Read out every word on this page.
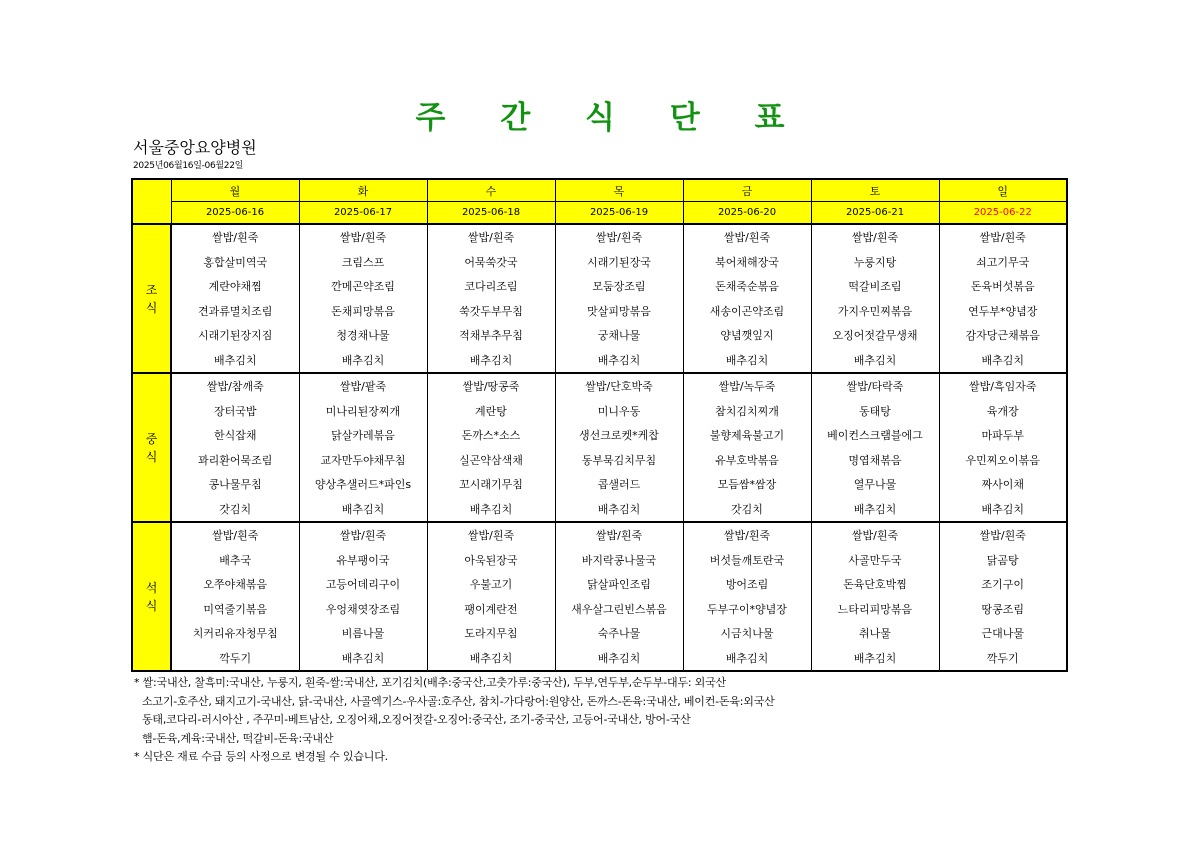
주 간 식 단 표
서울중앙요양병원
2025년06월16일-06월22일
	월	화	수	목	금	토	일
	2025-06-16	2025-06-17	2025-06-18	2025-06-19	2025-06-20	2025-06-21	2025-06-22

조
식	쌀밥/흰죽	쌀밥/흰죽	쌀밥/흰죽	쌀밥/흰죽	쌀밥/흰죽	쌀밥/흰죽	쌀밥/흰죽
	홍합살미역국	크림스프	어묵쑥갓국	시래기된장국	북어채해장국	누룽지탕	쇠고기무국
	계란야채찜	깐메곤약조림	코다리조림	모둠장조림	돈채죽순볶음	떡갈비조림	돈육버섯볶음
	견과류멸치조림	돈채피망볶음	쑥갓두부무침	맛살피망볶음	새송이곤약조림	가지우민찌볶음	연두부*양념장
	시래기된장지짐	청경채나물	적채부추무침	궁채나물	양념깻잎지	오징어젓갈무생채	감자당근채볶음
	배추김치	배추김치	배추김치	배추김치	배추김치	배추김치	배추김치

중
식	쌀밥/참깨죽	쌀밥/팥죽	쌀밥/땅콩죽	쌀밥/단호박죽	쌀밥/녹두죽	쌀밥/타락죽	쌀밥/흑임자죽
	장터국밥	미나리된장찌개	계란탕	미니우동	참치김치찌개	동태탕	육개장
	한식잡채	닭살카레볶음	돈까스*소스	생선크로켓*케찹	불향제육불고기	베이컨스크램블에그	마파두부
	꽈리환어묵조림	교자만두야채무침	실곤약삼색채	동부묵김치무침	유부호박볶음	명엽채볶음	우민찌오이볶음
	콩나물무침	양상추샐러드*파인s	꼬시래기무침	콥샐러드	모듬쌈*쌈장	열무나물	짜사이채
	갓김치	배추김치	배추김치	배추김치	갓김치	배추김치	배추김치

석
식	쌀밥/흰죽	쌀밥/흰죽	쌀밥/흰죽	쌀밥/흰죽	쌀밥/흰죽	쌀밥/흰죽	쌀밥/흰죽
	배추국	유부팽이국	아욱된장국	바지락콩나물국	버섯들깨토란국	사골만두국	닭곰탕
	오쭈야채볶음	고등어데리구이	우불고기	닭살파인조림	방어조림	돈육단호박찜	조기구이
	미역줄기볶음	우엉채엿장조림	팽이계란전	새우살그린빈스볶음	두부구이*양념장	느타리피망볶음	땅콩조림
	치커리유자청무침	비름나물	도라지무침	숙주나물	시금치나물	취나물	근대나물
	깍두기	배추김치	배추김치	배추김치	배추김치	배추김치	깍두기
* 쌀:국내산, 찰흑미:국내산, 누룽지, 흰죽-쌀:국내산, 포기김치(배추:중국산,고춧가루:중국산), 두부,연두부,순두부-대두: 외국산
소고기-호주산, 돼지고기-국내산, 닭-국내산, 사골엑기스-우사골:호주산, 참치-가다랑어:원양산, 돈까스-돈육:국내산, 베이컨-돈육:외국산
동태,코다리-러시아산 , 주꾸미-베트남산, 오징어채,오징어젓갈-오징어:중국산, 조기-중국산, 고등어-국내산, 방어-국산
햄-돈육,계육:국내산, 떡갈비-돈육:국내산
* 식단은 재료 수급 등의 사정으로 변경될 수 있습니다.
